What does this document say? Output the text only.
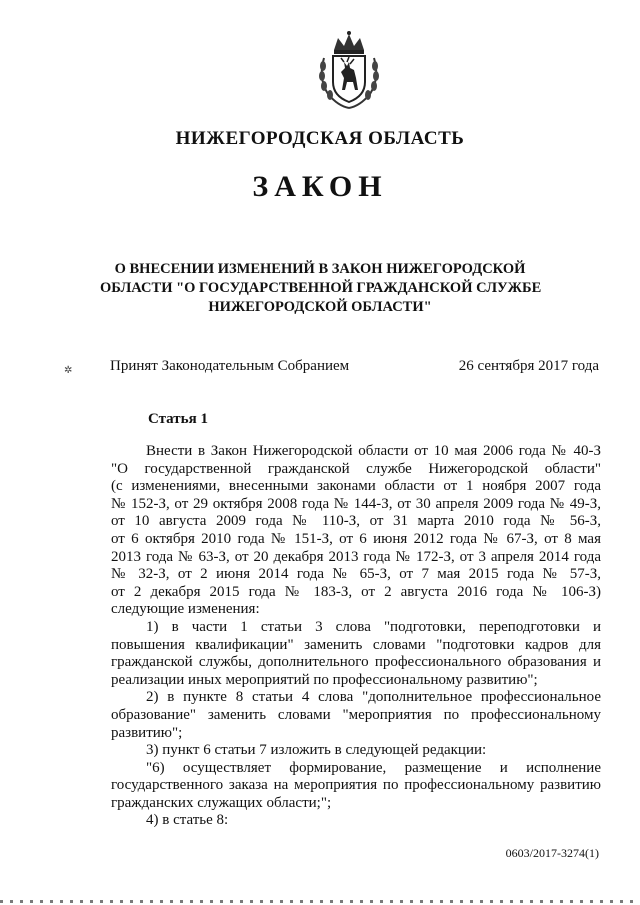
НИЖЕГОРОДСКАЯ ОБЛАСТЬ
ЗАКОН
О ВНЕСЕНИИ ИЗМЕНЕНИЙ В ЗАКОН НИЖЕГОРОДСКОЙ
ОБЛАСТИ "О ГОСУДАРСТВЕННОЙ ГРАЖДАНСКОЙ СЛУЖБЕ
НИЖЕГОРОДСКОЙ ОБЛАСТИ"
✲	Принят Законодательным Собранием	26 сентября 2017 года
Статья 1
Внести в Закон Нижегородской области от 10 мая 2006 года № 40-З
"О государственной гражданской службе Нижегородской области"
(с изменениями, внесенными законами области от 1 ноября 2007 года
№ 152-З, от 29 октября 2008 года № 144-З, от 30 апреля 2009 года № 49-З,
от 10 августа 2009 года № 110-З, от 31 марта 2010 года № 56-З,
от 6 октября 2010 года № 151-З, от 6 июня 2012 года № 67-З, от 8 мая
2013 года № 63-З, от 20 декабря 2013 года № 172-З, от 3 апреля 2014 года
№ 32-З, от 2 июня 2014 года № 65-З, от 7 мая 2015 года № 57-З,
от 2 декабря 2015 года № 183-З, от 2 августа 2016 года № 106-З)
следующие изменения:
1) в части 1 статьи 3 слова "подготовки, переподготовки и
повышения квалификации" заменить словами "подготовки кадров для
гражданской службы, дополнительного профессионального образования и
реализации иных мероприятий по профессиональному развитию";
2) в пункте 8 статьи 4 слова "дополнительное профессиональное
образование" заменить словами "мероприятия по профессиональному
развитию";
3) пункт 6 статьи 7 изложить в следующей редакции:
"6) осуществляет формирование, размещение и исполнение
государственного заказа на мероприятия по профессиональному развитию
гражданских служащих области;";
4) в статье 8:
0603/2017-3274(1)
